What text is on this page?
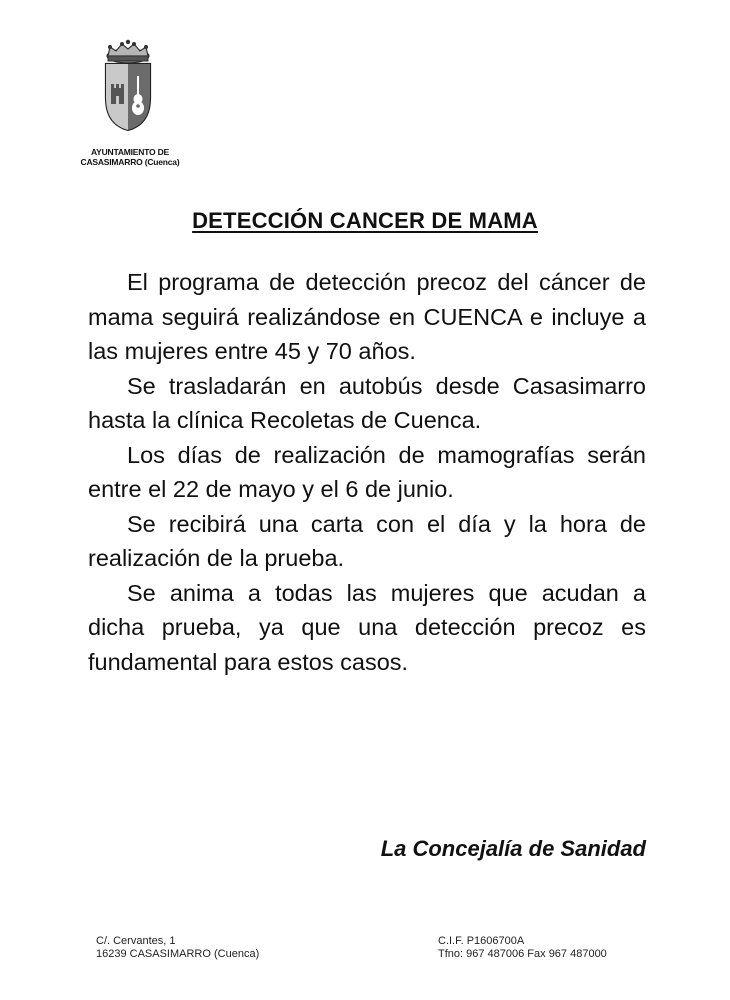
AYUNTAMIENTO DE
CASASIMARRO (Cuenca)
DETECCIÓN CANCER DE MAMA

El programa de detección precoz del cáncer de mama seguirá realizándose en CUENCA e incluye a las mujeres entre 45 y 70 años.

Se trasladarán en autobús desde Casasimarro hasta la clínica Recoletas de Cuenca.

Los días de realización de mamografías serán entre el 22 de mayo y el 6 de junio.

Se recibirá una carta con el día y la hora de realización de la prueba.

Se anima a todas las mujeres que acudan a dicha prueba, ya que una detección precoz es fundamental para estos casos.

La Concejalía de Sanidad
C/. Cervantes, 1
16239 CASASIMARRO (Cuenca)
C.I.F. P1606700A
Tfno: 967 487006 Fax 967 487000
